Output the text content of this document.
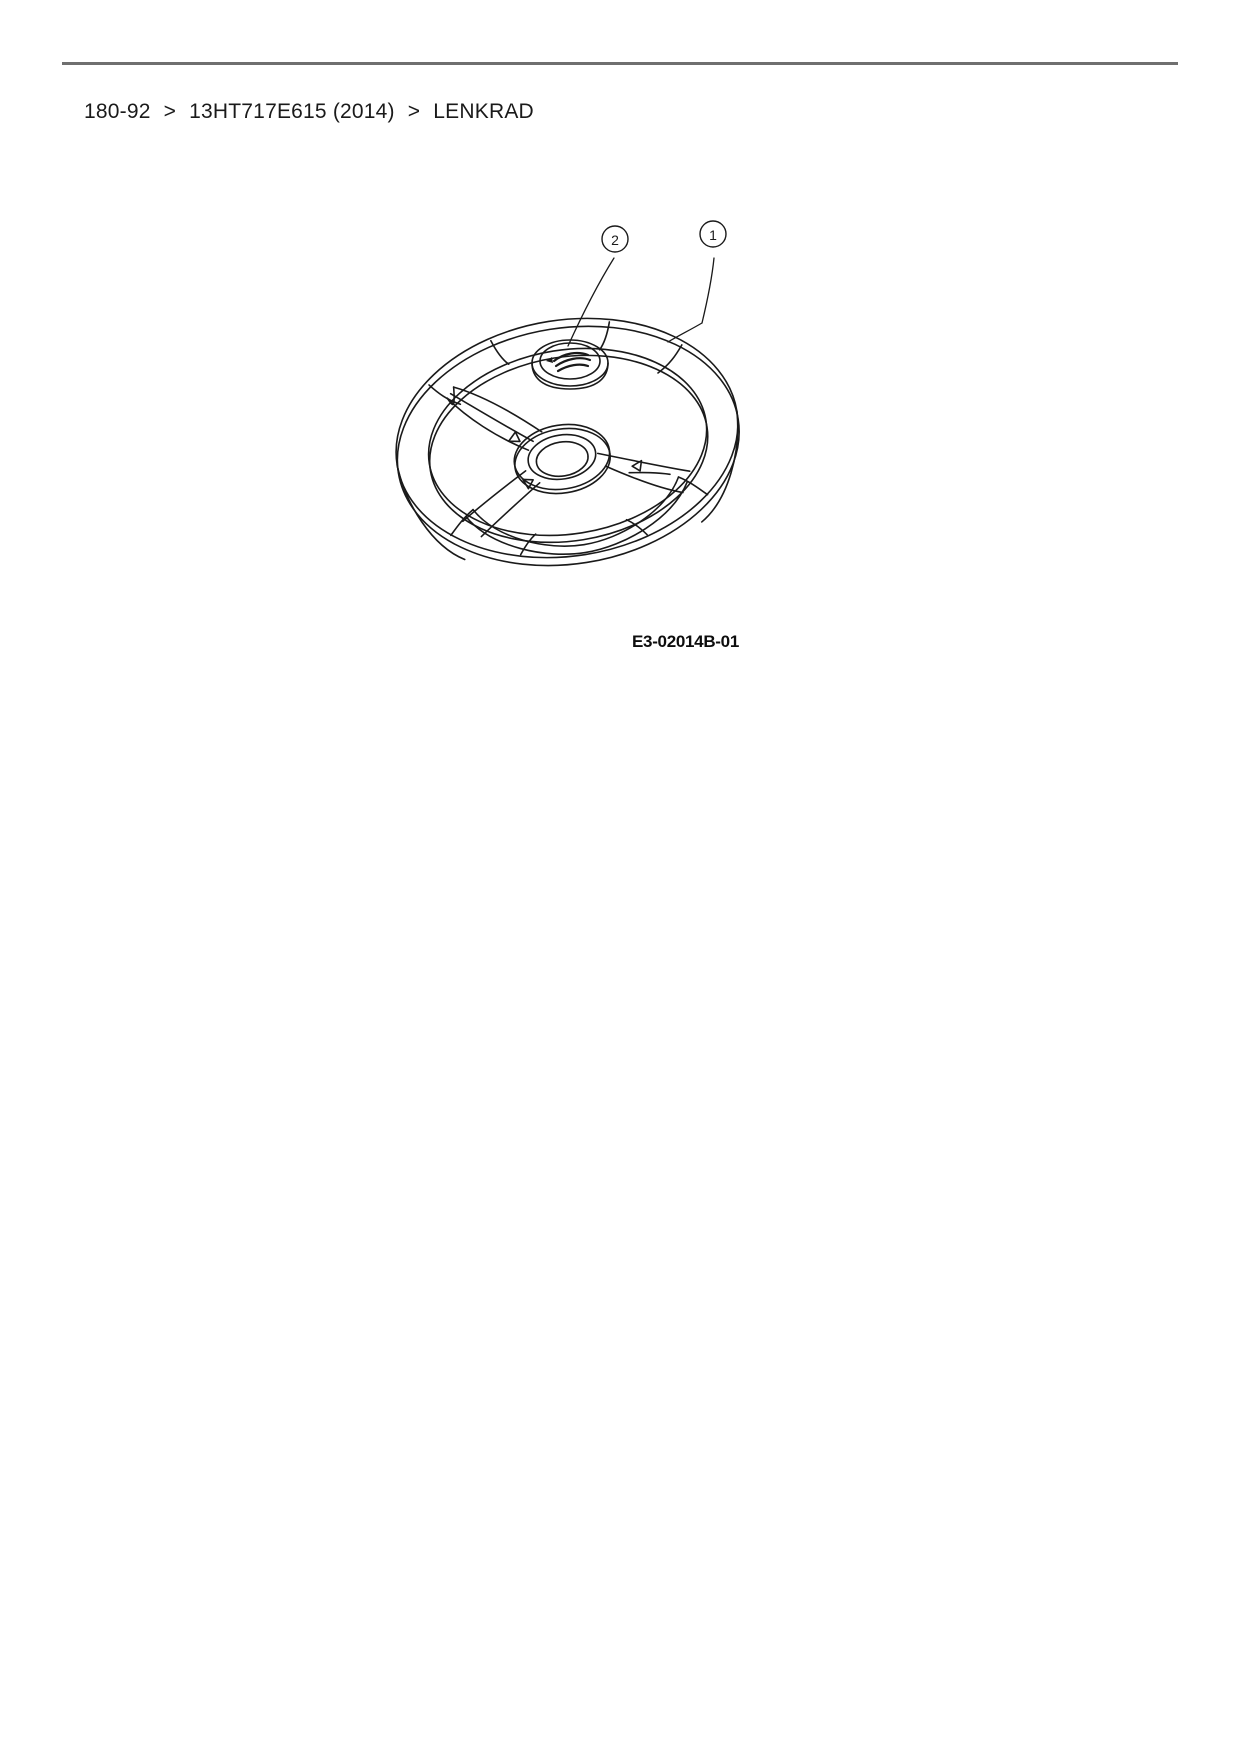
180-92 > 13HT717E615 (2014) > LENKRAD
2	1
E3-02014B-01
